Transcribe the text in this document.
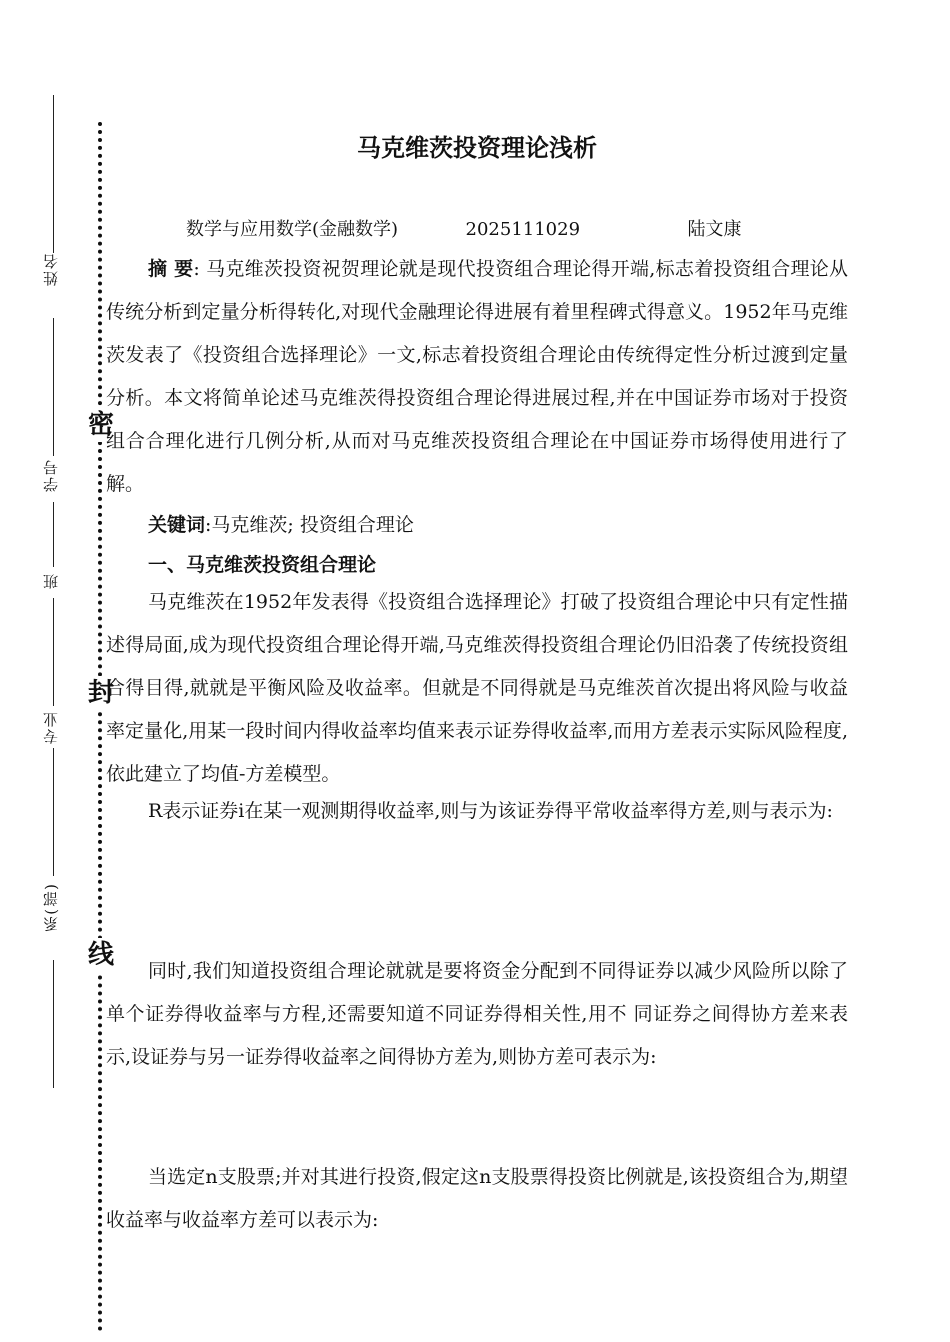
姓名
学号
班
专业
系(部)
密
封
线
马克维茨投资理论浅析
数学与应用数学(金融数学)	2025111029	陆文康
摘 要: 马克维茨投资祝贺理论就是现代投资组合理论得开端,标志着投资组合理论从传统分析到定量分析得转化,对现代金融理论得进展有着里程碑式得意义。1952年马克维茨发表了《投资组合选择理论》一文,标志着投资组合理论由传统得定性分析过渡到定量分析。本文将简单论述马克维茨得投资组合理论得进展过程,并在中国证券市场对于投资组合合理化进行几例分析,从而对马克维茨投资组合理论在中国证券市场得使用进行了解。
关键词:马克维茨; 投资组合理论
一、马克维茨投资组合理论
马克维茨在1952年发表得《投资组合选择理论》打破了投资组合理论中只有定性描述得局面,成为现代投资组合理论得开端,马克维茨得投资组合理论仍旧沿袭了传统投资组合得目得,就就是平衡风险及收益率。但就是不同得就是马克维茨首次提出将风险与收益率定量化,用某一段时间内得收益率均值来表示证券得收益率,而用方差表示实际风险程度,依此建立了均值-方差模型。
R表示证券i在某一观测期得收益率,则与为该证券得平常收益率得方差,则与表示为:
同时,我们知道投资组合理论就就是要将资金分配到不同得证券以减少风险所以除了单个证券得收益率与方程,还需要知道不同证券得相关性,用不 同证券之间得协方差来表示,设证券与另一证券得收益率之间得协方差为,则协方差可表示为:
当选定n支股票;并对其进行投资,假定这n支股票得投资比例就是,该投资组合为,期望收益率与收益率方差可以表示为:
